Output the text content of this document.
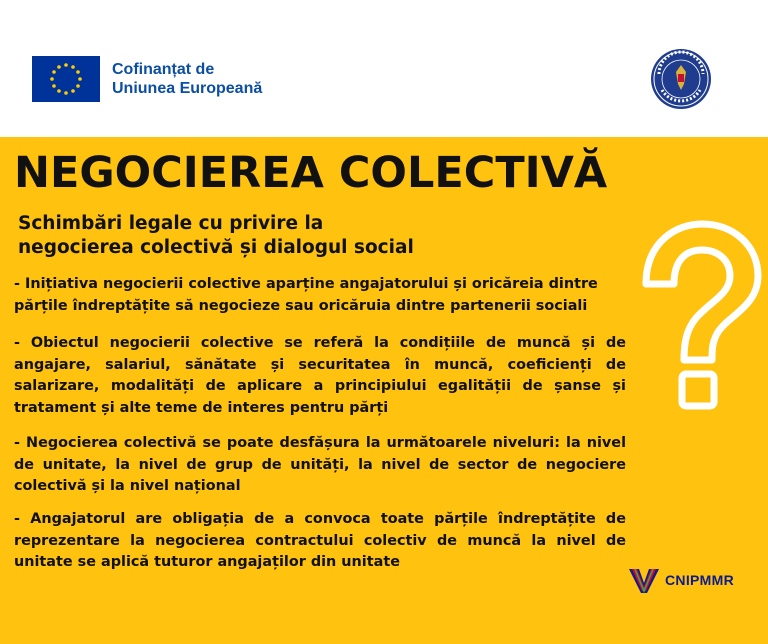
Cofinanțat de
Uniunea Europeană
NEGOCIEREA COLECTIVĂ
Schimbări legale cu privire la
negocierea colectivă și dialogul social

- Inițiativa negocierii colective aparține angajatorului și oricăreia dintre părțile îndreptățite să negocieze sau oricăruia dintre partenerii sociali

- Obiectul negocierii colective se referă la condițiile de muncă și de angajare, salariul, sănătate și securitatea în muncă, coeficienți de salarizare, modalități de aplicare a principiului egalității de șanse și tratament și alte teme de interes pentru părți

- Negocierea colectivă se poate desfășura la următoarele niveluri: la nivel de unitate, la nivel de grup de unități, la nivel de sector de negociere colectivă și la nivel național

- Angajatorul are obligația de a convoca toate părțile îndreptățite de reprezentare la negocierea contractului colectiv de muncă la nivel de unitate se aplică tuturor angajaților din unitate

CNIPMMR
